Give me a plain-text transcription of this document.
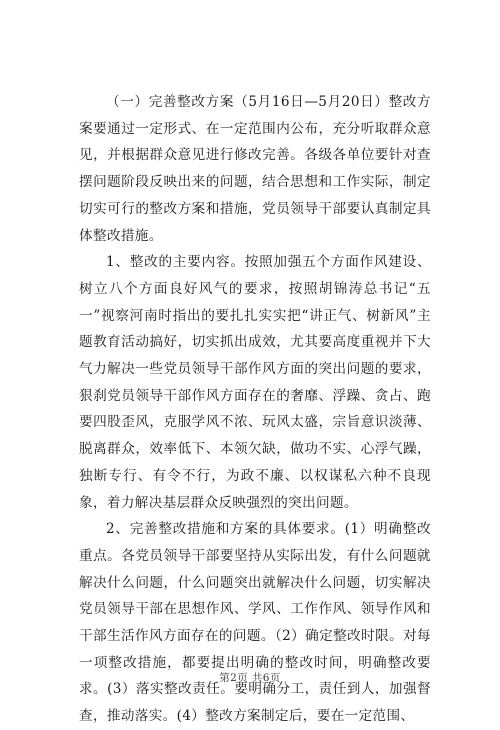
（一）完善整改方案（5月16日—5月20日）整改方案要通过一定形式、在一定范围内公布，充分听取群众意见，并根据群众意见进行修改完善。各级各单位要针对查摆问题阶段反映出来的问题，结合思想和工作实际，制定切实可行的整改方案和措施，党员领导干部要认真制定具体整改措施。

1、整改的主要内容。按照加强五个方面作风建设、树立八个方面良好风气的要求，按照胡锦涛总书记“五一”视察河南时指出的要扎扎实实把“讲正气、树新风”主题教育活动搞好，切实抓出成效，尤其要高度重视并下大气力解决一些党员领导干部作风方面的突出问题的要求，狠刹党员领导干部作风方面存在的奢靡、浮躁、贪占、跑要四股歪风，克服学风不浓、玩风太盛，宗旨意识淡薄、脱离群众，效率低下、本领欠缺，做功不实、心浮气躁，独断专行、有令不行，为政不廉、以权谋私六种不良现象，着力解决基层群众反映强烈的突出问题。

2、完善整改措施和方案的具体要求。(1）明确整改重点。各党员领导干部要坚持从实际出发，有什么问题就解决什么问题，什么问题突出就解决什么问题，切实解决党员领导干部在思想作风、学风、工作作风、领导作风和干部生活作风方面存在的问题。（2）确定整改时限。对每一项整改措施，都要提出明确的整改时间，明确整改要求。(3）落实整改责任。要明确分工，责任到人，加强督查，推动落实。(4）整改方案制定后，要在一定范围、

第2页 共6页
